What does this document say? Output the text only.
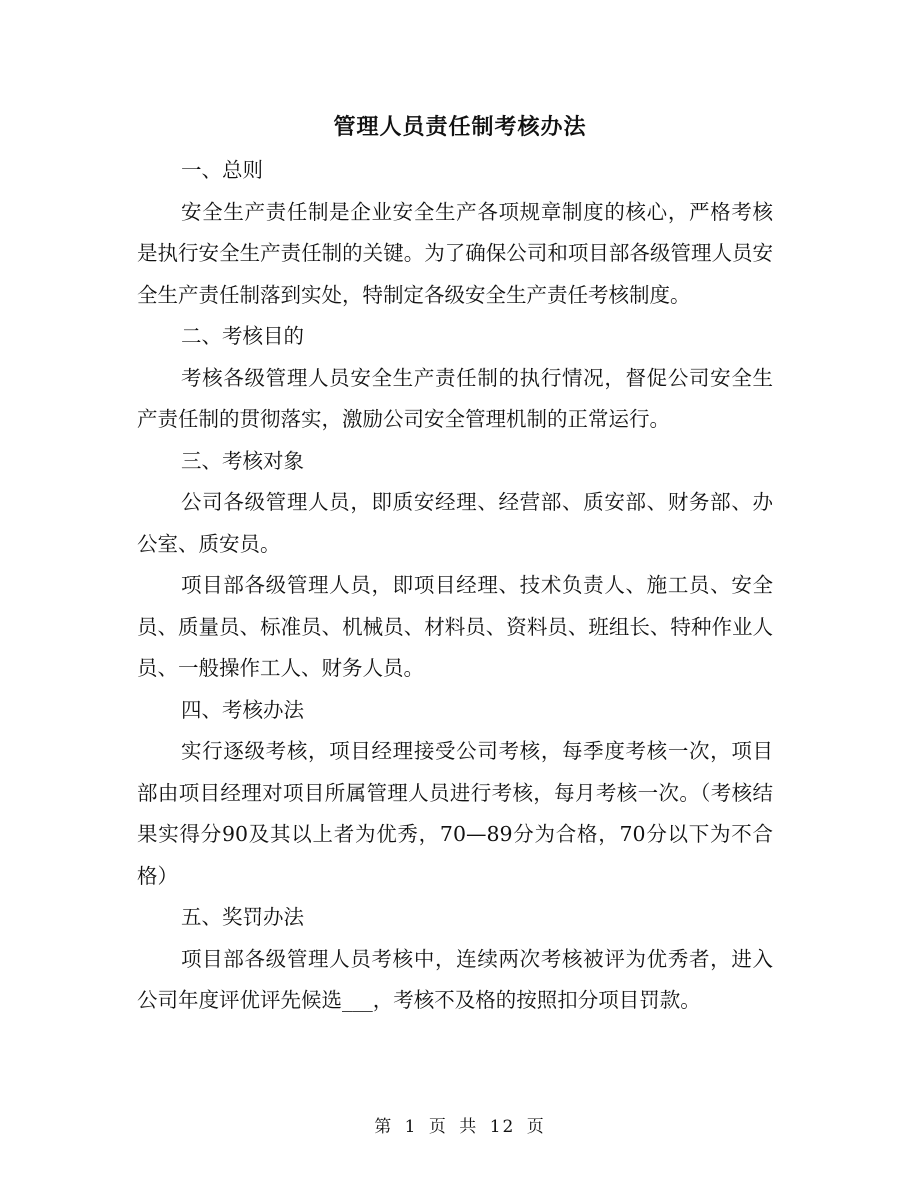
管理人员责任制考核办法

一、总则

安全生产责任制是企业安全生产各项规章制度的核心，严格考核是执行安全生产责任制的关键。为了确保公司和项目部各级管理人员安全生产责任制落到实处，特制定各级安全生产责任考核制度。

二、考核目的

考核各级管理人员安全生产责任制的执行情况，督促公司安全生产责任制的贯彻落实，激励公司安全管理机制的正常运行。

三、考核对象

公司各级管理人员，即质安经理、经营部、质安部、财务部、办公室、质安员。

项目部各级管理人员，即项目经理、技术负责人、施工员、安全员、质量员、标准员、机械员、材料员、资料员、班组长、特种作业人员、一般操作工人、财务人员。

四、考核办法

实行逐级考核，项目经理接受公司考核，每季度考核一次，项目部由项目经理对项目所属管理人员进行考核，每月考核一次。（考核结果实得分90及其以上者为优秀，70—89分为合格，70分以下为不合格）

五、奖罚办法

项目部各级管理人员考核中，连续两次考核被评为优秀者，进入公司年度评优评先候选___，考核不及格的按照扣分项目罚款。

第 1 页 共 12 页
